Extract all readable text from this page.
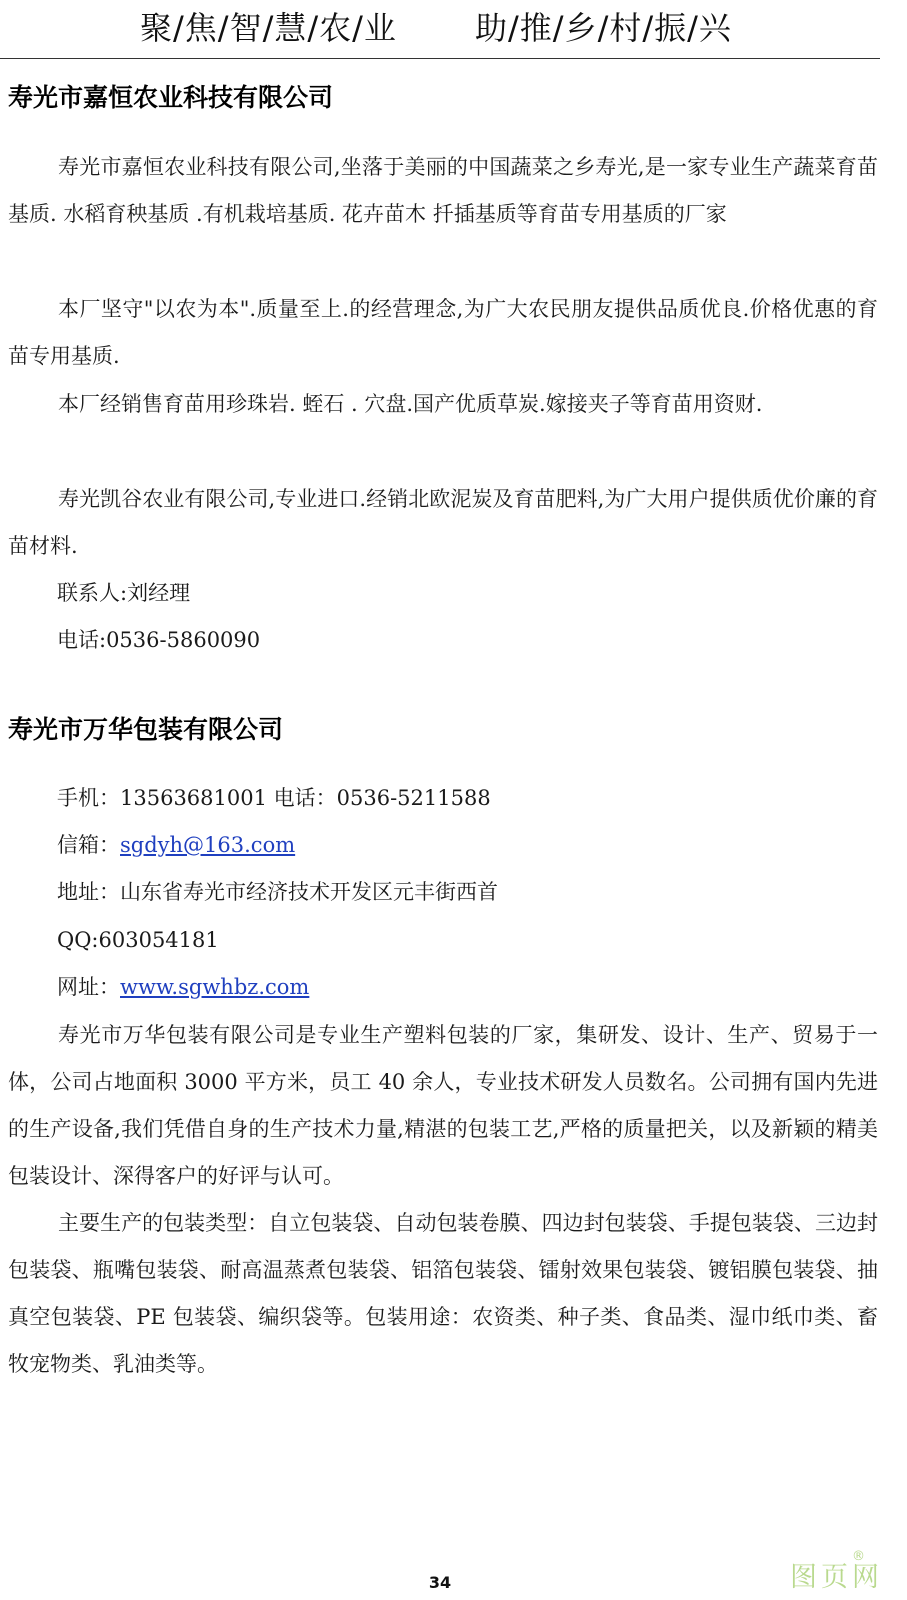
聚/焦/智/慧/农/业 助/推/乡/村/振/兴
寿光市嘉恒农业科技有限公司

寿光市嘉恒农业科技有限公司,坐落于美丽的中国蔬菜之乡寿光,是一家专业生产蔬菜育苗基质. 水稻育秧基质 .有机栽培基质. 花卉苗木 扦插基质等育苗专用基质的厂家

本厂坚守"以农为本".质量至上.的经营理念,为广大农民朋友提供品质优良.价格优惠的育苗专用基质.

本厂经销售育苗用珍珠岩. 蛭石 . 穴盘.国产优质草炭.嫁接夹子等育苗用资财.

寿光凯谷农业有限公司,专业进口.经销北欧泥炭及育苗肥料,为广大用户提供质优价廉的育苗材料.

联系人:刘经理
电话:0536-5860090
寿光市万华包装有限公司
手机：13563681001 电话：0536-5211588
信箱：sgdyh@163.com
地址：山东省寿光市经济技术开发区元丰街西首
QQ:603054181
网址：www.sgwhbz.com

寿光市万华包装有限公司是专业生产塑料包装的厂家，集研发、设计、生产、贸易于一体，公司占地面积 3000 平方米，员工 40 余人，专业技术研发人员数名。公司拥有国内先进的生产设备,我们凭借自身的生产技术力量,精湛的包装工艺,严格的质量把关，以及新颖的精美包装设计、深得客户的好评与认可。

主要生产的包装类型：自立包装袋、自动包装卷膜、四边封包装袋、手提包装袋、三边封包装袋、瓶嘴包装袋、耐高温蒸煮包装袋、铝箔包装袋、镭射效果包装袋、镀铝膜包装袋、抽真空包装袋、PE 包装袋、编织袋等。包装用途：农资类、种子类、食品类、湿巾纸巾类、畜牧宠物类、乳油类等。

34	图页网
®
